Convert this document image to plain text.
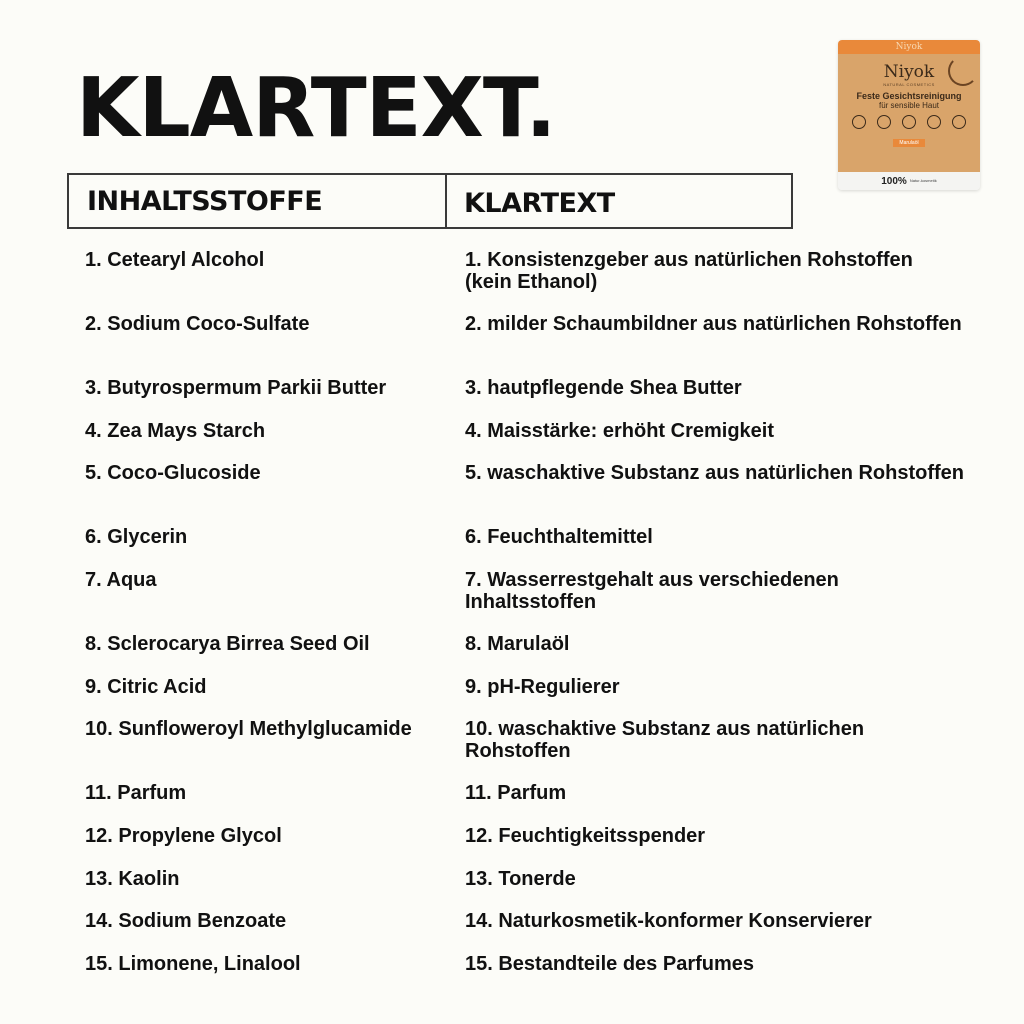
KLARTEXT.
INHALTSSTOFFE	KLARTEXT
1. Cetearyl Alcohol	1. Konsistenzgeber aus natürlichen Rohstoffen (kein Ethanol)
2. Sodium Coco-Sulfate	2. milder Schaumbildner aus natürlichen Rohstoffen
3. Butyrospermum Parkii Butter	3. hautpflegende Shea Butter
4. Zea Mays Starch	4. Maisstärke: erhöht Cremigkeit
5. Coco-Glucoside	5. waschaktive Substanz aus natürlichen Rohstoffen
6. Glycerin	6. Feuchthaltemittel
7. Aqua	7. Wasserrestgehalt aus verschiedenen Inhaltsstoffen
8. Sclerocarya Birrea Seed Oil	8. Marulaöl
9. Citric Acid	9. pH-Regulierer
10. Sunfloweroyl Methylglucamide	10. waschaktive Substanz aus natürlichen Rohstoffen
11. Parfum	11. Parfum
12. Propylene Glycol	12. Feuchtigkeitsspender
13. Kaolin	13. Tonerde
14. Sodium Benzoate	14. Naturkosmetik-konformer Konservierer
15. Limonene, Linalool	15. Bestandteile des Parfumes
Niyok
Niyok
NATURAL COSMETICS
Feste Gesichtsreinigung
für sensible Haut
Marulaöl
100% Natur-kosmetik
